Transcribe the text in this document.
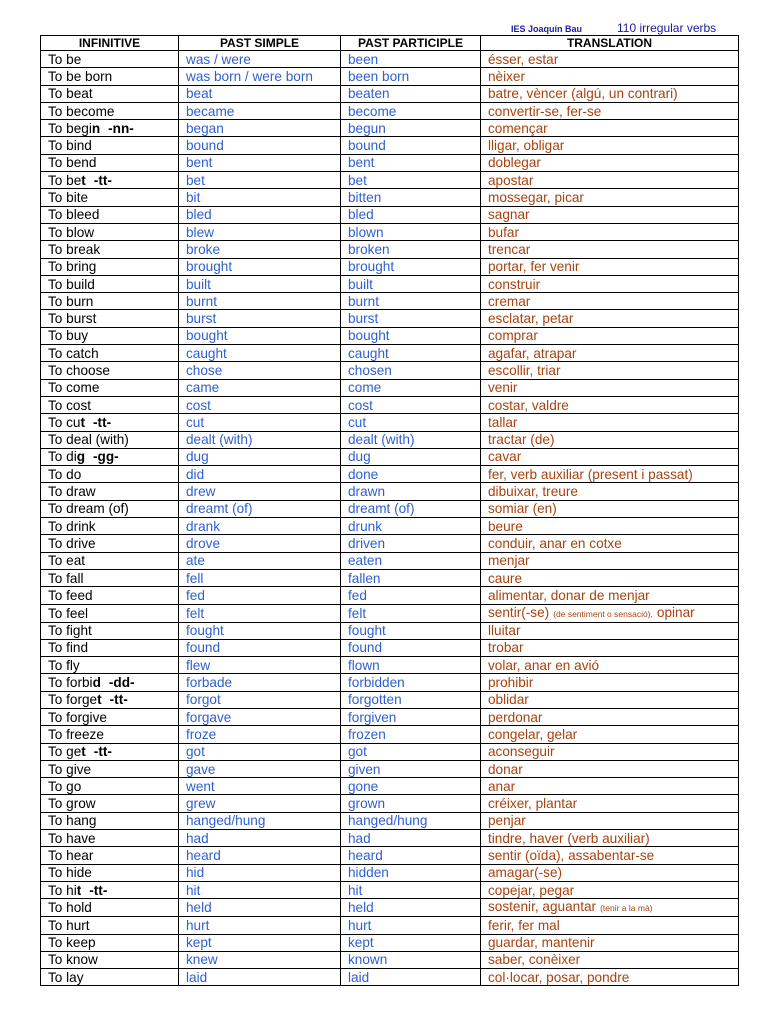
IES Joaquín Bau	110 irregular verbs
INFINITIVE	PAST SIMPLE	PAST PARTICIPLE	TRANSLATION
To be	was / were	been	ésser, estar
To be born	was born / were born	been born	nèixer
To beat	beat	beaten	batre, vèncer (algú, un contrari)
To become	became	become	convertir-se, fer-se
To begin -nn-	began	begun	començar
To bind	bound	bound	lligar, obligar
To bend	bent	bent	doblegar
To bet -tt-	bet	bet	apostar
To bite	bit	bitten	mossegar, picar
To bleed	bled	bled	sagnar
To blow	blew	blown	bufar
To break	broke	broken	trencar
To bring	brought	brought	portar, fer venir
To build	built	built	construir
To burn	burnt	burnt	cremar
To burst	burst	burst	esclatar, petar
To buy	bought	bought	comprar
To catch	caught	caught	agafar, atrapar
To choose	chose	chosen	escollir, triar
To come	came	come	venir
To cost	cost	cost	costar, valdre
To cut -tt-	cut	cut	tallar
To deal (with)	dealt (with)	dealt (with)	tractar (de)
To dig -gg-	dug	dug	cavar
To do	did	done	fer, verb auxiliar (present i passat)
To draw	drew	drawn	dibuixar, treure
To dream (of)	dreamt (of)	dreamt (of)	somiar (en)
To drink	drank	drunk	beure
To drive	drove	driven	conduir, anar en cotxe
To eat	ate	eaten	menjar
To fall	fell	fallen	caure
To feed	fed	fed	alimentar, donar de menjar
To feel	felt	felt	sentir(-se) (de sentiment o sensació), opinar
To fight	fought	fought	lluitar
To find	found	found	trobar
To fly	flew	flown	volar, anar en avió
To forbid -dd-	forbade	forbidden	prohibir
To forget -tt-	forgot	forgotten	oblidar
To forgive	forgave	forgiven	perdonar
To freeze	froze	frozen	congelar, gelar
To get -tt-	got	got	aconseguir
To give	gave	given	donar
To go	went	gone	anar
To grow	grew	grown	créixer, plantar
To hang	hanged/hung	hanged/hung	penjar
To have	had	had	tindre, haver (verb auxiliar)
To hear	heard	heard	sentir (oïda), assabentar-se
To hide	hid	hidden	amagar(-se)
To hit -tt-	hit	hit	copejar, pegar
To hold	held	held	sostenir, aguantar (tenir a la mà)
To hurt	hurt	hurt	ferir, fer mal
To keep	kept	kept	guardar, mantenir
To know	knew	known	saber, conèixer
To lay	laid	laid	col·locar, posar, pondre
